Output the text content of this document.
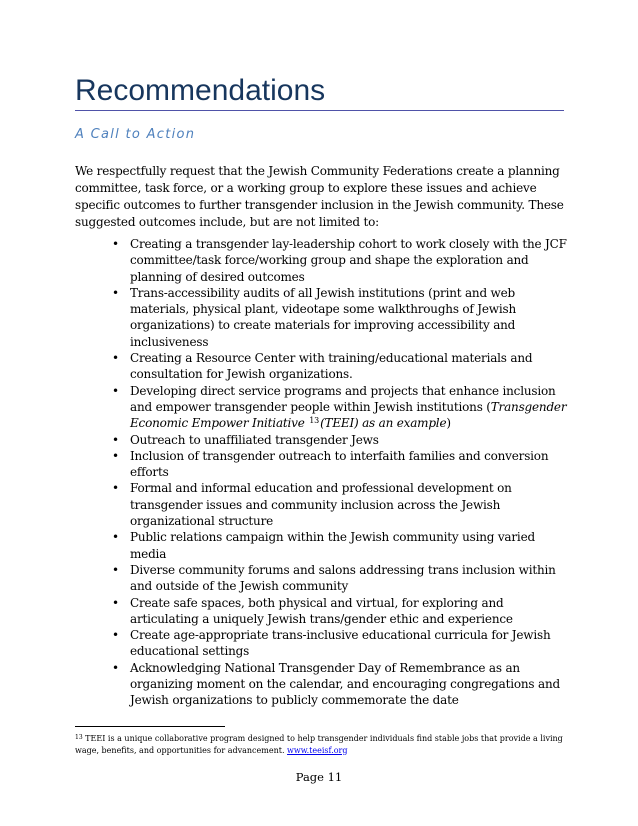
Recommendations

A Call to Action

We respectfully request that the Jewish Community Federations create a planning committee, task force, or a working group to explore these issues and achieve specific outcomes to further transgender inclusion in the Jewish community. These suggested outcomes include, but are not limited to:

• Creating a transgender lay-leadership cohort to work closely with the JCF committee/task force/working group and shape the exploration and planning of desired outcomes
• Trans-accessibility audits of all Jewish institutions (print and web materials, physical plant, videotape some walkthroughs of Jewish organizations) to create materials for improving accessibility and inclusiveness
• Creating a Resource Center with training/educational materials and consultation for Jewish organizations.
• Developing direct service programs and projects that enhance inclusion and empower transgender people within Jewish institutions (Transgender Economic Empower Initiative $^{13}$(TEEI) as an example)
• Outreach to unaffiliated transgender Jews
• Inclusion of transgender outreach to interfaith families and conversion efforts
• Formal and informal education and professional development on transgender issues and community inclusion across the Jewish organizational structure
• Public relations campaign within the Jewish community using varied media
• Diverse community forums and salons addressing trans inclusion within and outside of the Jewish community
• Create safe spaces, both physical and virtual, for exploring and articulating a uniquely Jewish trans/gender ethic and experience
• Create age-appropriate trans-inclusive educational curricula for Jewish educational settings
• Acknowledging National Transgender Day of Remembrance as an organizing moment on the calendar, and encouraging congregations and Jewish organizations to publicly commemorate the date

$^{13}$ TEEI is a unique collaborative program designed to help transgender individuals find stable jobs that provide a living wage, benefits, and opportunities for advancement. www.teeisf.org

Page 11
